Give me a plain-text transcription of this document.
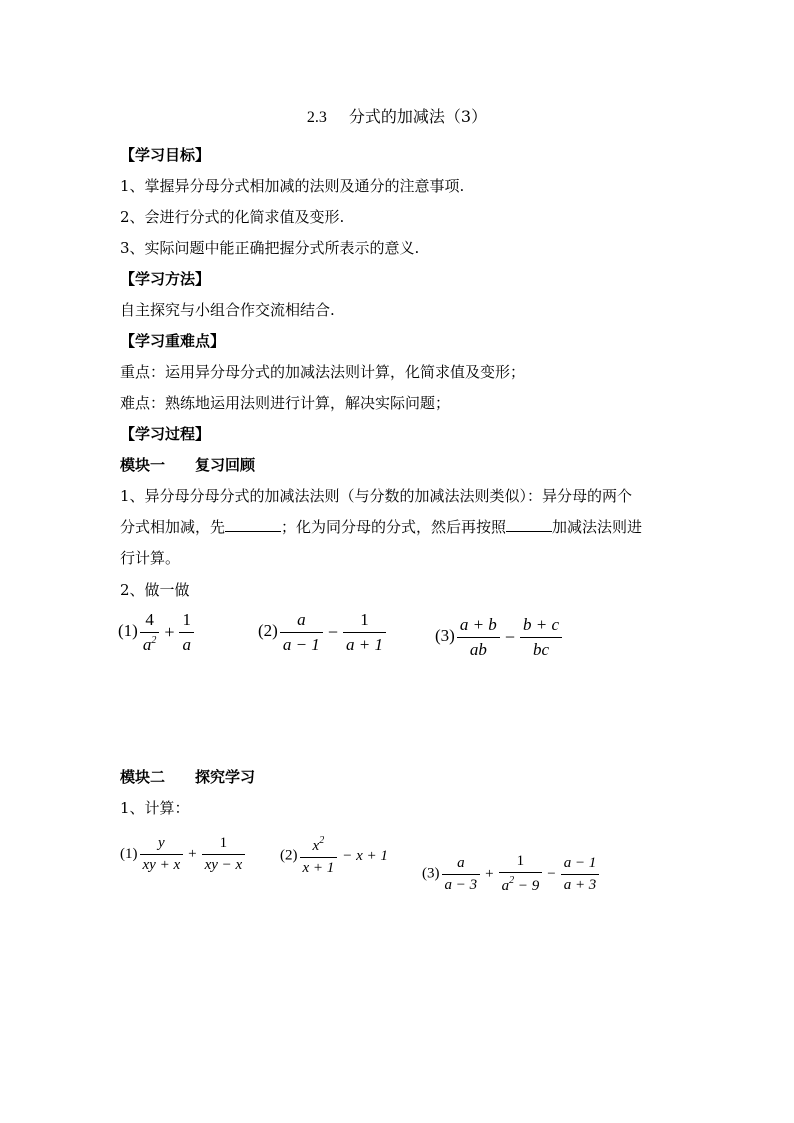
2.3 分式的加减法（3）
【学习目标】
1、掌握异分母分式相加减的法则及通分的注意事项.
2、会进行分式的化简求值及变形.
3、实际问题中能正确把握分式所表示的意义.
【学习方法】
自主探究与小组合作交流相结合.
【学习重难点】
重点：运用异分母分式的加减法法则计算，化简求值及变形；
难点：熟练地运用法则进行计算，解决实际问题；
【学习过程】
模块一　　复习回顾
1、异分母分母分式的加减法法则（与分数的加减法法则类似）：异分母的两个
分式相加减，先	；化为同分母的分式，然后再按照	加减法法则进
行计算。
2、做一做
$(1) \frac{4}{a^2} + \frac{1}{a}$	$(2) \frac{a}{a - 1} - \frac{1}{a + 1}$	$(3) \frac{a + b}{ab} - \frac{b + c}{bc}$
模块二　　探究学习
1、计算：
$(1) \frac{y}{xy + x} + \frac{1}{xy - x} (2) \frac{x^2}{x + 1} - x + 1$
$(3) \frac{a}{a - 3} + \frac{1}{a^2 - 9} - \frac{a - 1}{a + 3}$
